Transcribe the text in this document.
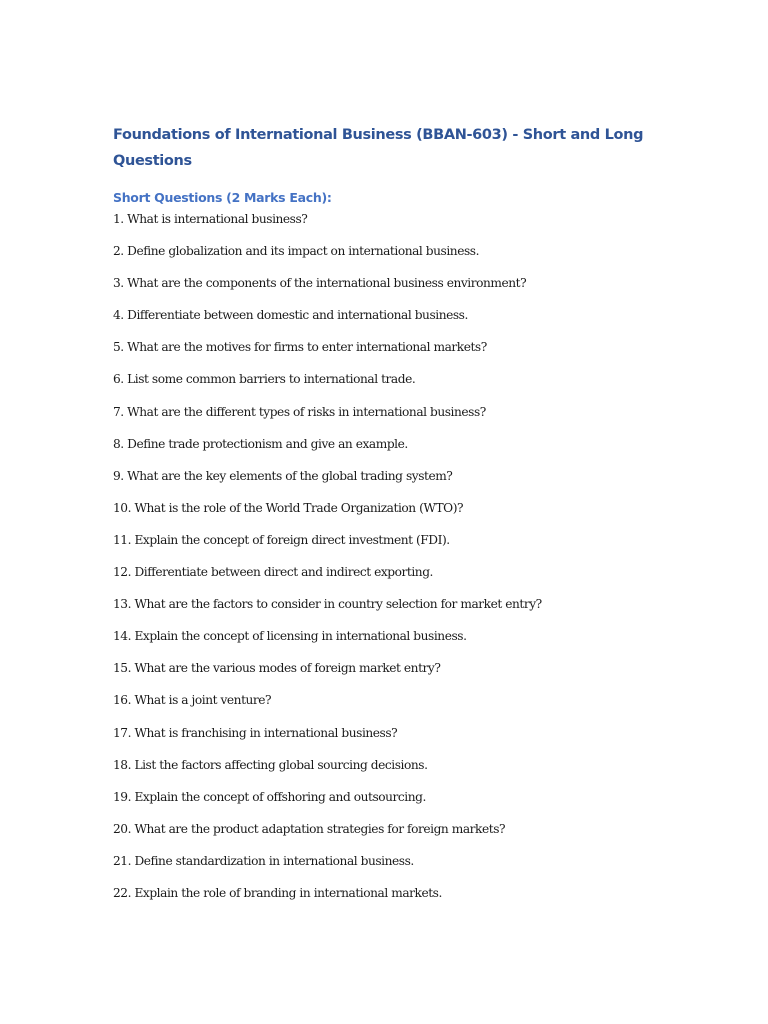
Foundations of International Business (BBAN-603) - Short and Long Questions
Short Questions (2 Marks Each):
1. What is international business?
2. Define globalization and its impact on international business.
3. What are the components of the international business environment?
4. Differentiate between domestic and international business.
5. What are the motives for firms to enter international markets?
6. List some common barriers to international trade.
7. What are the different types of risks in international business?
8. Define trade protectionism and give an example.
9. What are the key elements of the global trading system?
10. What is the role of the World Trade Organization (WTO)?
11. Explain the concept of foreign direct investment (FDI).
12. Differentiate between direct and indirect exporting.
13. What are the factors to consider in country selection for market entry?
14. Explain the concept of licensing in international business.
15. What are the various modes of foreign market entry?
16. What is a joint venture?
17. What is franchising in international business?
18. List the factors affecting global sourcing decisions.
19. Explain the concept of offshoring and outsourcing.
20. What are the product adaptation strategies for foreign markets?
21. Define standardization in international business.
22. Explain the role of branding in international markets.
